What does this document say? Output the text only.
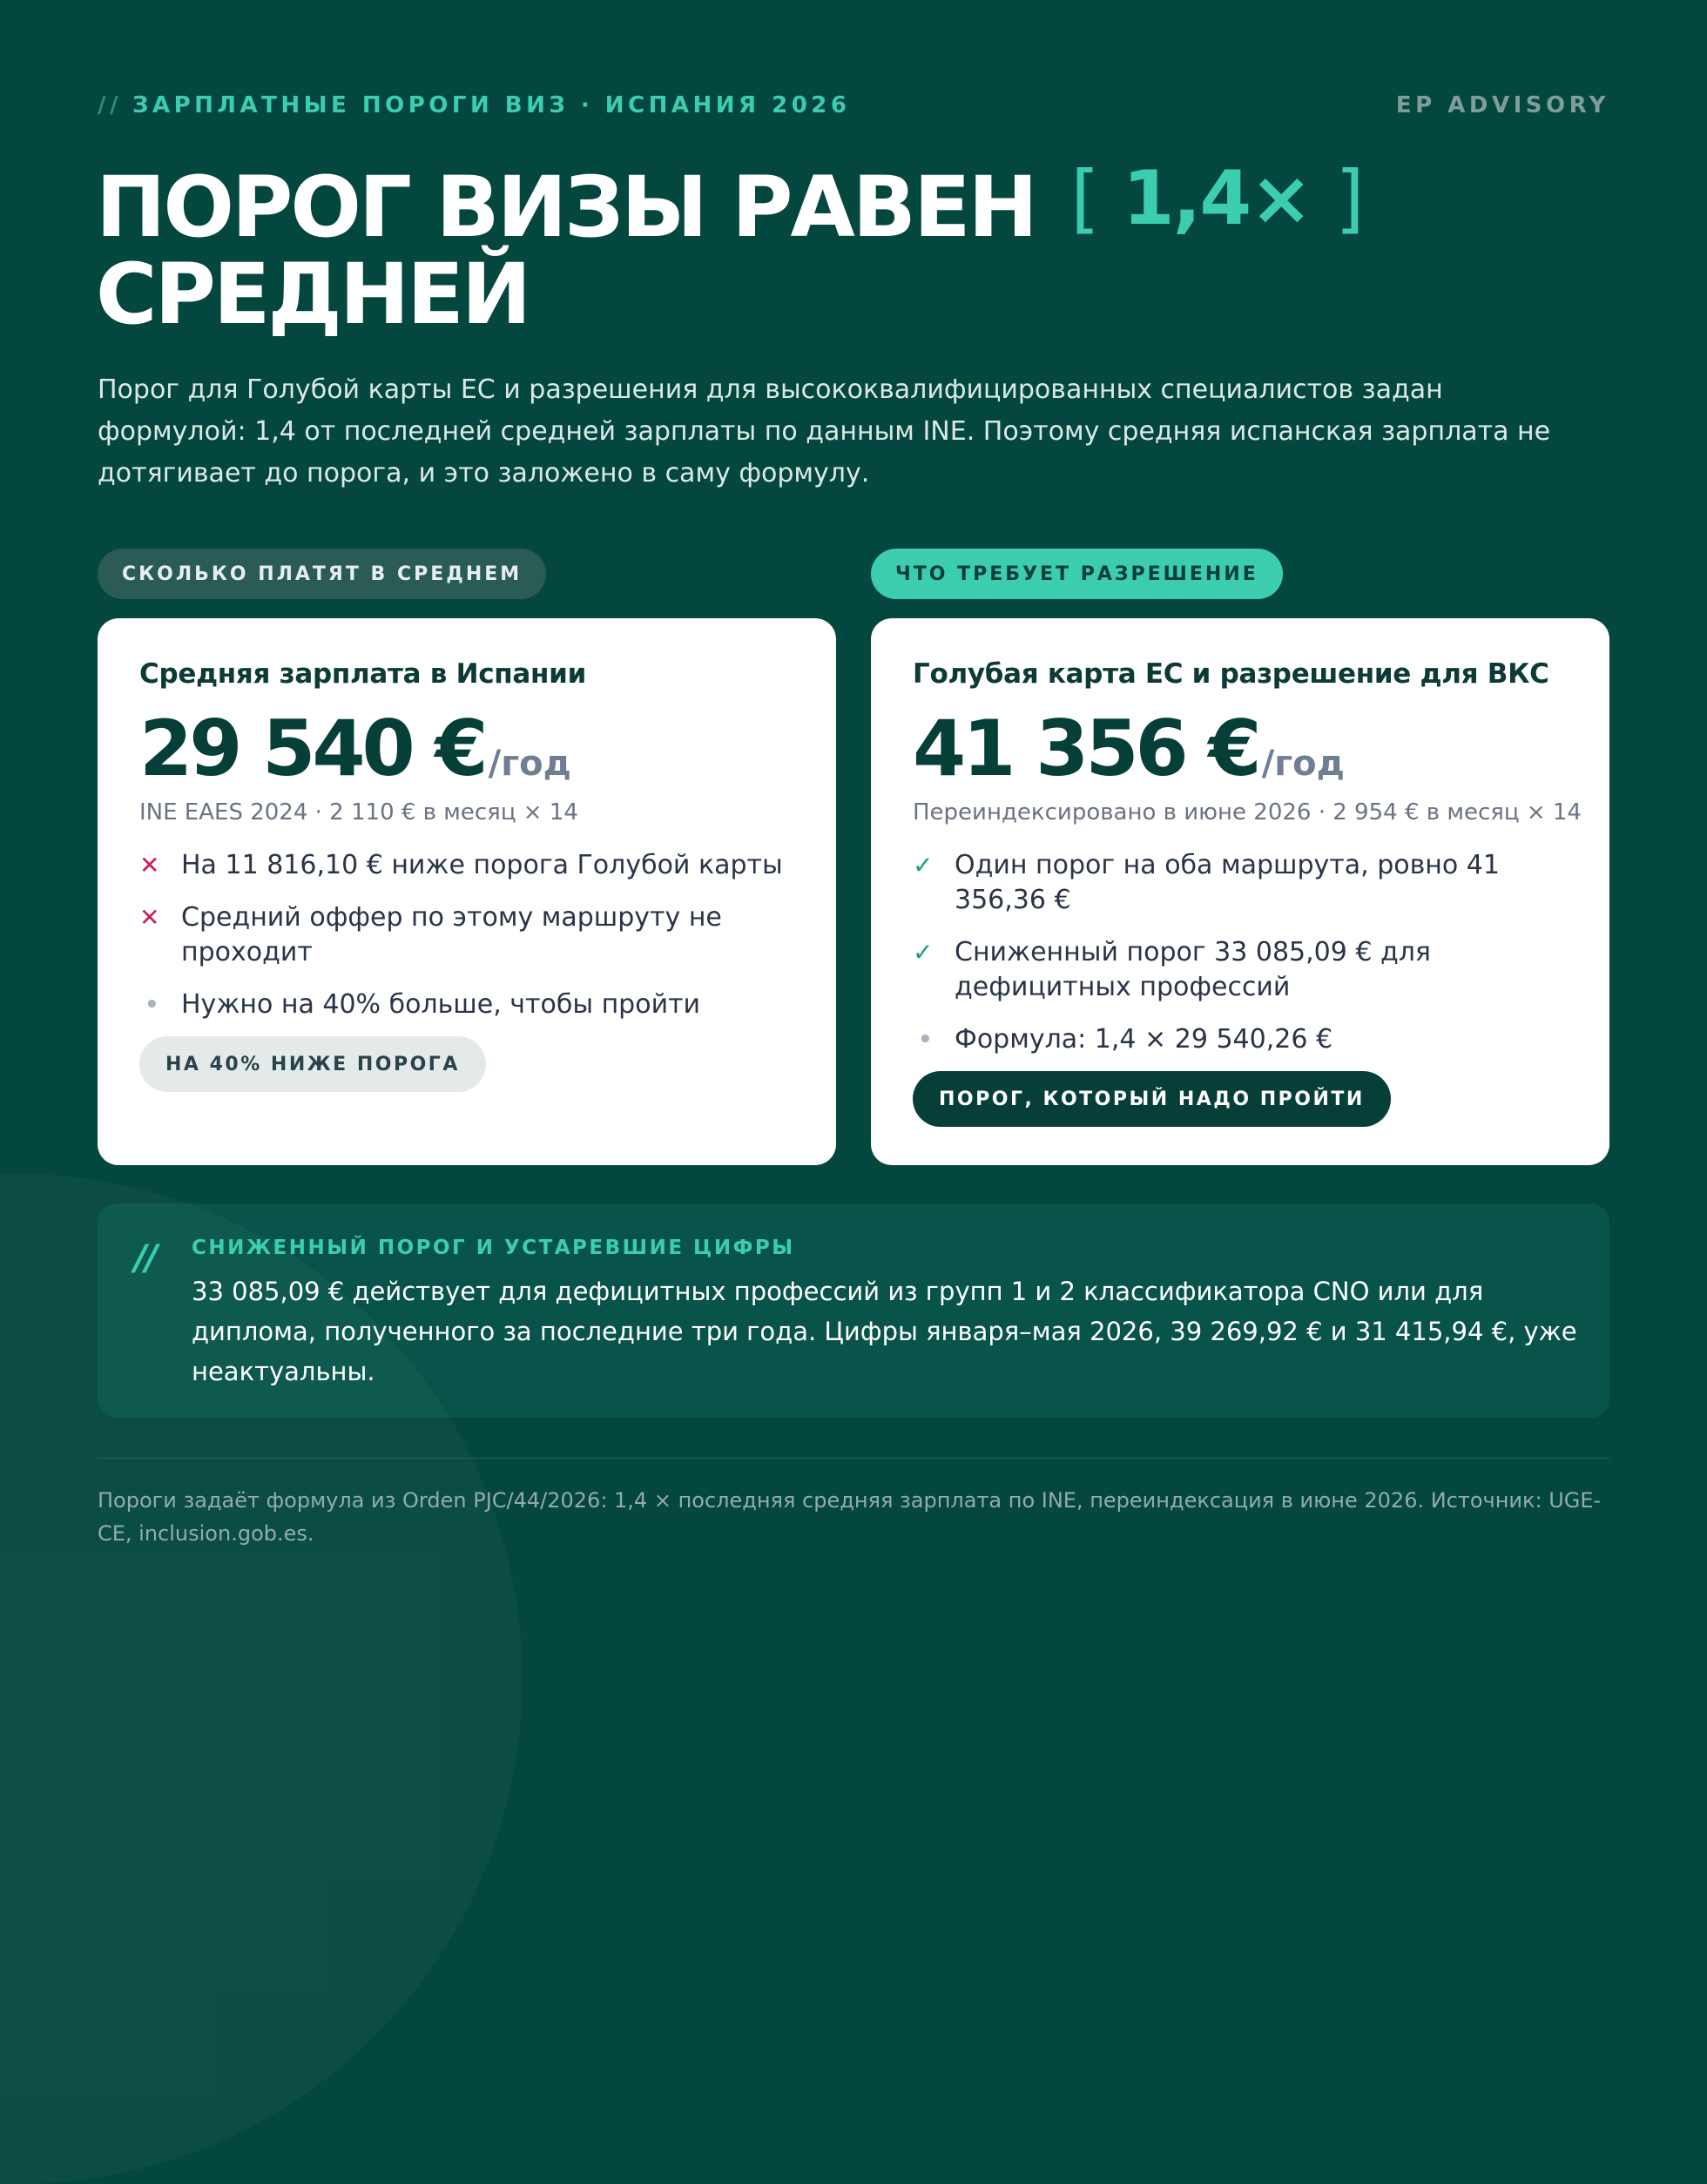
// ЗАРПЛАТНЫЕ ПОРОГИ ВИЗ · ИСПАНИЯ 2026	EP ADVISORY
ПОРОГ ВИЗЫ РАВЕН [ 1,4× ]
СРЕДНЕЙ
Порог для Голубой карты ЕС и разрешения для высококвалифицированных специалистов задан формулой: 1,4 от последней средней зарплаты по данным INE. Поэтому средняя испанская зарплата не дотягивает до порога, и это заложено в саму формулу.
СКОЛЬКО ПЛАТЯТ В СРЕДНЕМ	ЧТО ТРЕБУЕТ РАЗРЕШЕНИЕ
Средняя зарплата в Испании
29 540 € /год
INE EAES 2024 · 2 110 € в месяц × 14
✕ На 11 816,10 € ниже порога Голубой карты
✕ Средний оффер по этому маршруту не проходит
• Нужно на 40% больше, чтобы пройти
НА 40% НИЖЕ ПОРОГА
Голубая карта ЕС и разрешение для ВКС
41 356 € /год
Переиндексировано в июне 2026 · 2 954 € в месяц × 14
✓ Один порог на оба маршрута, ровно 41 356,36 €
✓ Сниженный порог 33 085,09 € для дефицитных профессий
• Формула: 1,4 × 29 540,26 €
ПОРОГ, КОТОРЫЙ НАДО ПРОЙТИ
// СНИЖЕННЫЙ ПОРОГ И УСТАРЕВШИЕ ЦИФРЫ
33 085,09 € действует для дефицитных профессий из групп 1 и 2 классификатора CNO или для диплома, полученного за последние три года. Цифры января–мая 2026, 39 269,92 € и 31 415,94 €, уже неактуальны.
Пороги задаёт формула из Orden PJC/44/2026: 1,4 × последняя средняя зарплата по INE, переиндексация в июне 2026. Источник: UGE-CE, inclusion.gob.es.
